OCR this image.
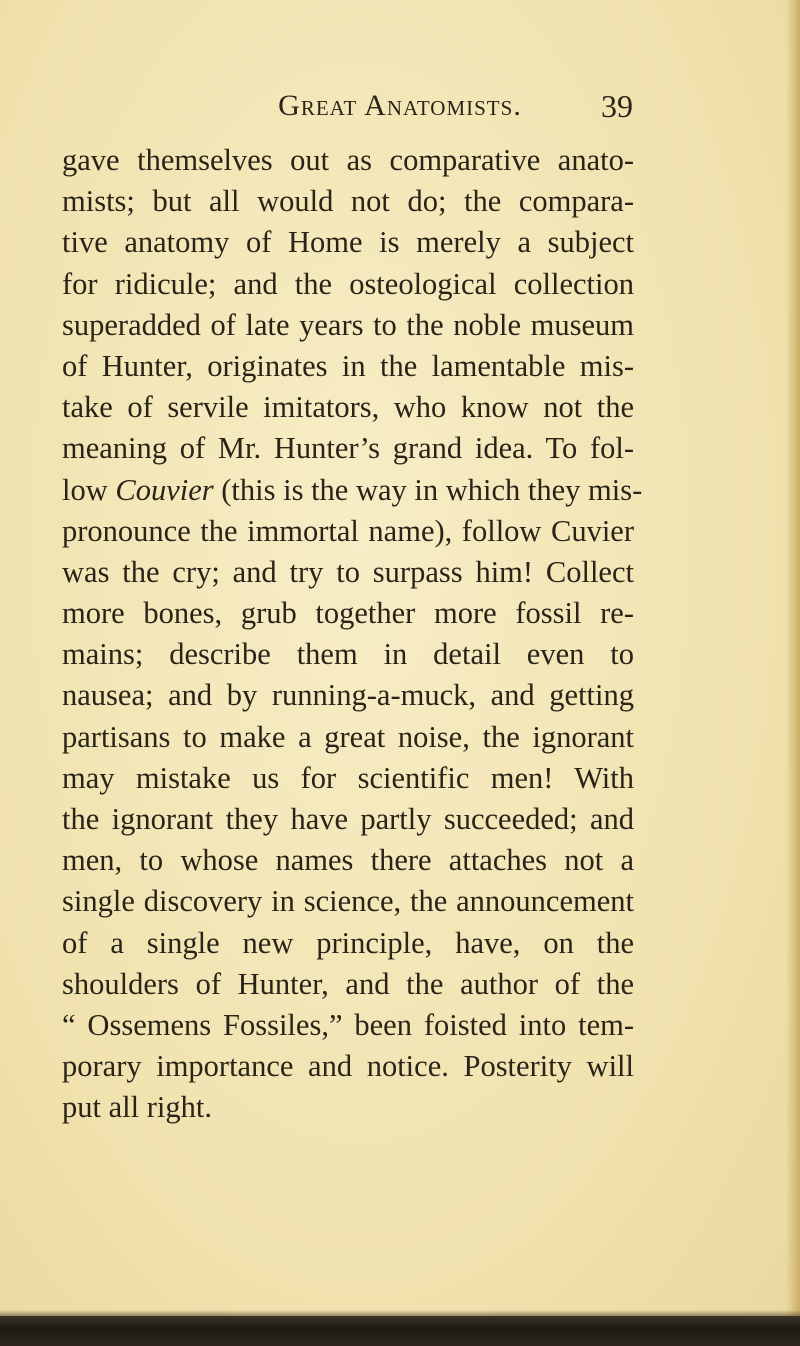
Great Anatomists.	39
gave themselves out as comparative anato-
mists; but all would not do; the compara-
tive anatomy of Home is merely a subject
for ridicule; and the osteological collection
superadded of late years to the noble museum
of Hunter, originates in the lamentable mis-
take of servile imitators, who know not the
meaning of Mr. Hunter’s grand idea. To fol-
low Couvier (this is the way in which they mis-
pronounce the immortal name), follow Cuvier
was the cry; and try to surpass him! Collect
more bones, grub together more fossil re-
mains; describe them in detail even to
nausea; and by running-a-muck, and getting
partisans to make a great noise, the ignorant
may mistake us for scientific men! With
the ignorant they have partly succeeded; and
men, to whose names there attaches not a
single discovery in science, the announcement
of a single new principle, have, on the
shoulders of Hunter, and the author of the
“ Ossemens Fossiles,” been foisted into tem-
porary importance and notice. Posterity will
put all right.
